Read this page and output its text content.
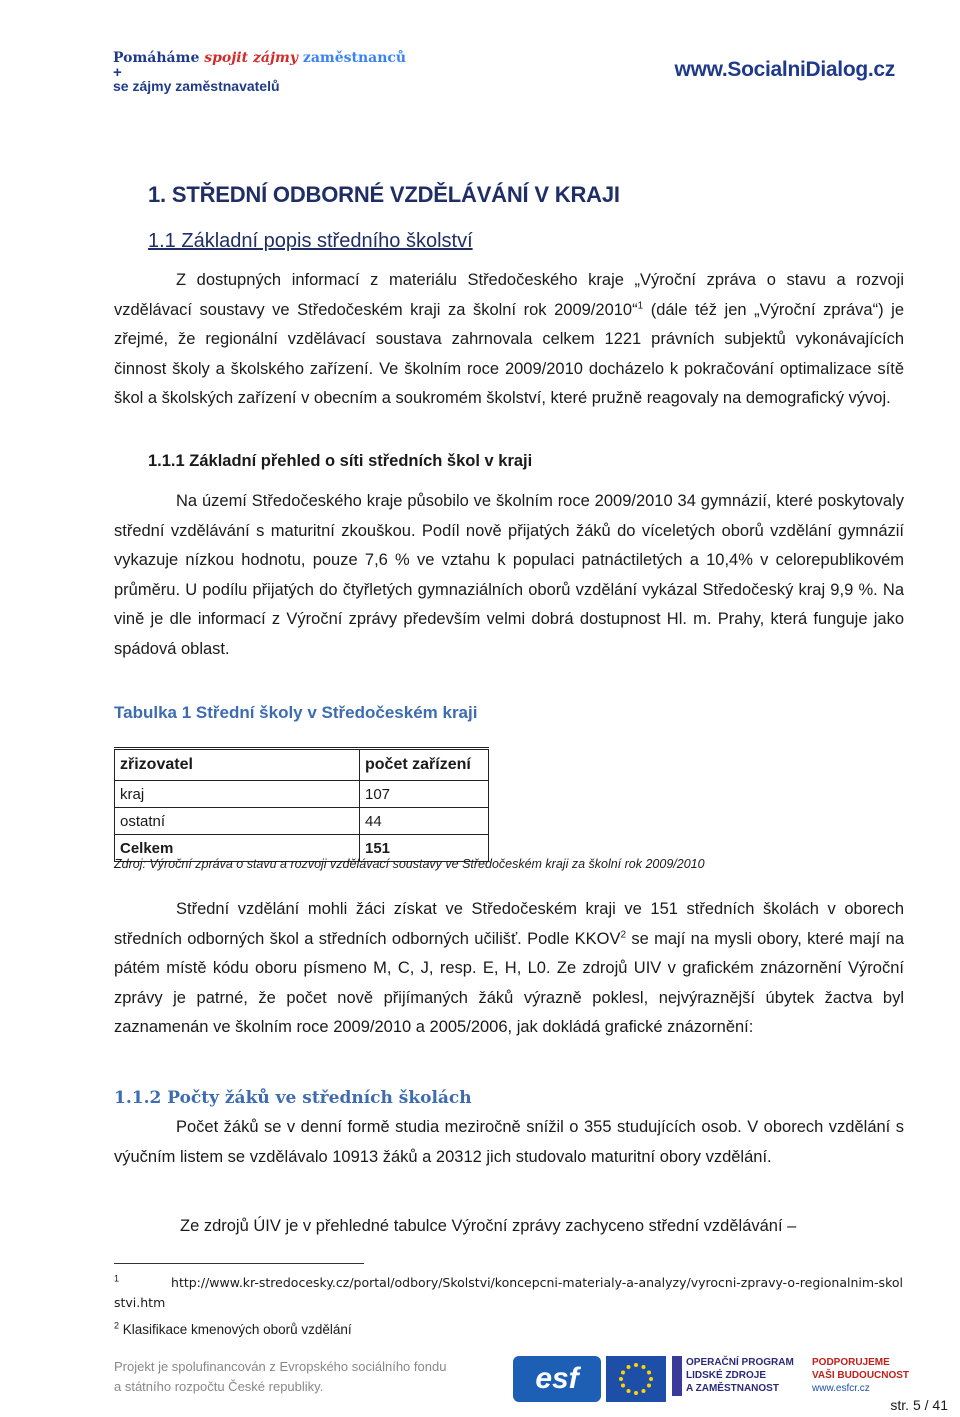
Pomáháme spojit zájmy zaměstnanců
+
se zájmy zaměstnavatelů
www.SocialniDialog.cz
1. STŘEDNÍ ODBORNÉ VZDĚLÁVÁNÍ V KRAJI
1.1 Základní popis středního školství

Z dostupných informací z materiálu Středočeského kraje „Výroční zpráva o stavu a rozvoji vzdělávací soustavy ve Středočeském kraji za školní rok 2009/2010“$^1$ (dále též jen „Výroční zpráva“) je zřejmé, že regionální vzdělávací soustava zahrnovala celkem 1221 právních subjektů vykonávajících činnost školy a školského zařízení. Ve školním roce 2009/2010 docházelo k pokračování optimalizace sítě škol a školských zařízení v obecním a soukromém školství, které pružně reagovaly na demografický vývoj.

1.1.1 Základní přehled o síti středních škol v kraji

Na území Středočeského kraje působilo ve školním roce 2009/2010 34 gymnázií, které poskytovaly střední vzdělávání s maturitní zkouškou. Podíl nově přijatých žáků do víceletých oborů vzdělání gymnázií vykazuje nízkou hodnotu, pouze 7,6 % ve vztahu k populaci patnáctiletých a 10,4% v celorepublikovém průměru. U podílu přijatých do čtyřletých gymnaziálních oborů vzdělání vykázal Středočeský kraj 9,9 %. Na vině je dle informací z Výroční zprávy především velmi dobrá dostupnost Hl. m. Prahy, která funguje jako spádová oblast.

Tabulka 1 Střední školy v Středočeském kraji
zřizovatel	počet zařízení
kraj	107
ostatní	44
Celkem	151
Zdroj: Výroční zpráva o stavu a rozvoji vzdělávací soustavy ve Středočeském kraji za školní rok 2009/2010

Střední vzdělání mohli žáci získat ve Středočeském kraji ve 151 středních školách v oborech středních odborných škol a středních odborných učilišť. Podle KKOV$^2$ se mají na mysli obory, které mají na pátém místě kódu oboru písmeno M, C, J, resp. E, H, L0. Ze zdrojů UIV v grafickém znázornění Výroční zprávy je patrné, že počet nově přijímaných žáků výrazně poklesl, nejvýraznější úbytek žactva byl zaznamenán ve školním roce 2009/2010 a 2005/2006, jak dokládá grafické znázornění:

1.1.2 Počty žáků ve středních školách

Počet žáků se v denní formě studia meziročně snížil o 355 studujících osob. V oborech vzdělání s výučním listem se vzdělávalo 10913 žáků a 20312 jich studovalo maturitní obory vzdělání.

Ze zdrojů ÚIV je v přehledné tabulce Výroční zprávy zachyceno střední vzdělávání –

$^1$	http://www.kr-stredocesky.cz/portal/odbory/Skolstvi/koncepcni-materialy-a-analyzy/vyrocni-zpravy-o-regionalnim-skolstvi.htm
$^2$ Klasifikace kmenových oborů vzdělání
Projekt je spolufinancován z Evropského sociálního fondu
a státního rozpočtu České republiky.	esf	OPERAČNÍ PROGRAM
LIDSKÉ ZDROJE
A ZAMĚSTNANOST
PODPORUJEME
VAŠI BUDOUCNOST
www.esfcr.cz
str. 5 / 41
